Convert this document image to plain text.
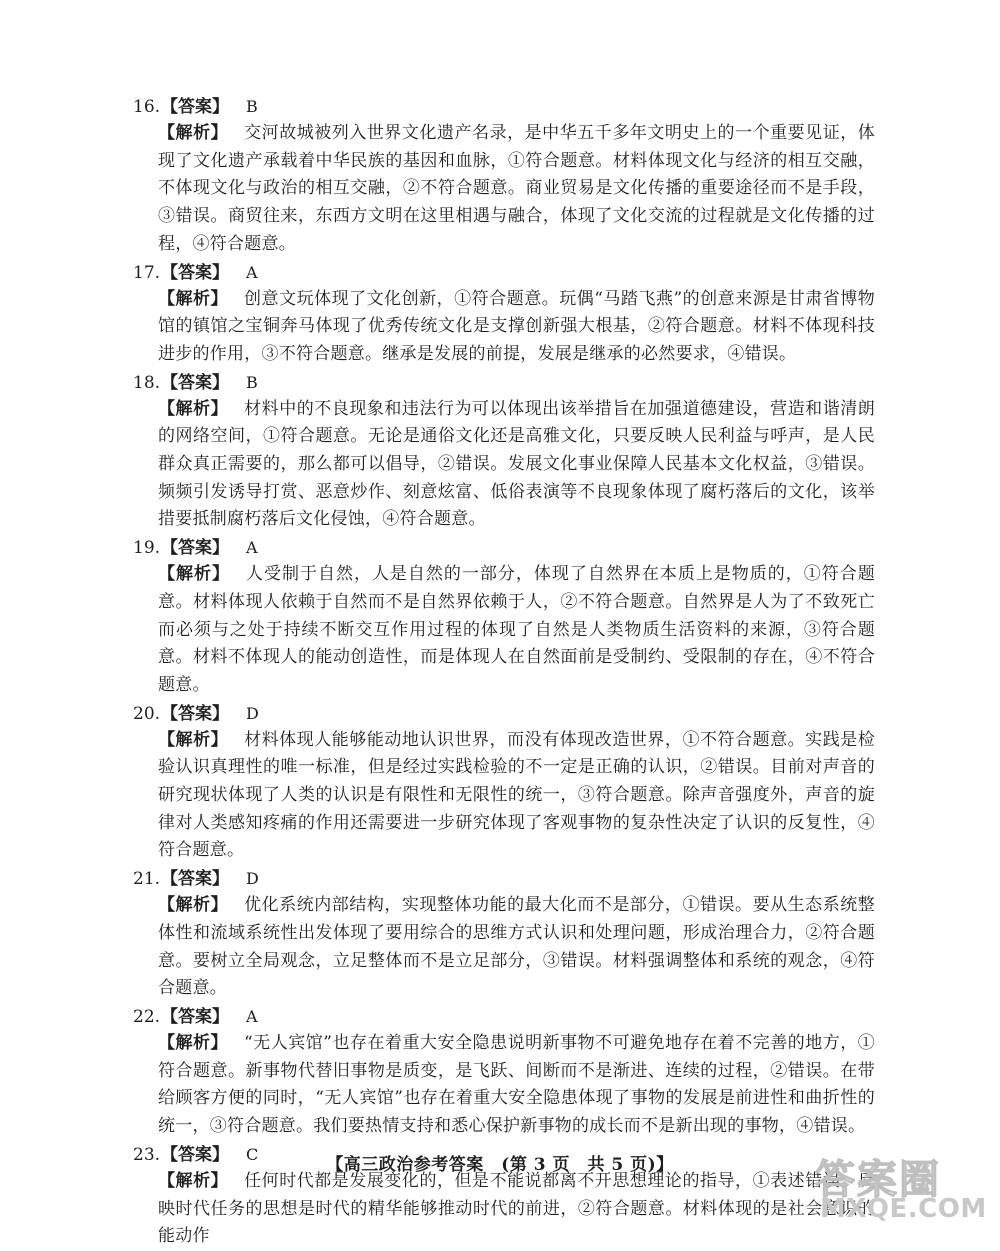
16.【答案】 B

【解析】 交河故城被列入世界文化遗产名录，是中华五千多年文明史上的一个重要见证，体现了文化遗产承载着中华民族的基因和血脉，①符合题意。材料体现文化与经济的相互交融，不体现文化与政治的相互交融，②不符合题意。商业贸易是文化传播的重要途径而不是手段，③错误。商贸往来，东西方文明在这里相遇与融合，体现了文化交流的过程就是文化传播的过程，④符合题意。

17.【答案】 A

【解析】 创意文玩体现了文化创新，①符合题意。玩偶“马踏飞燕”的创意来源是甘肃省博物馆的镇馆之宝铜奔马体现了优秀传统文化是支撑创新强大根基，②符合题意。材料不体现科技进步的作用，③不符合题意。继承是发展的前提，发展是继承的必然要求，④错误。

18.【答案】 B

【解析】 材料中的不良现象和违法行为可以体现出该举措旨在加强道德建设，营造和谐清朗的网络空间，①符合题意。无论是通俗文化还是高雅文化，只要反映人民利益与呼声，是人民群众真正需要的，那么都可以倡导，②错误。发展文化事业保障人民基本文化权益，③错误。频频引发诱导打赏、恶意炒作、刻意炫富、低俗表演等不良现象体现了腐朽落后的文化，该举措要抵制腐朽落后文化侵蚀，④符合题意。

19.【答案】 A

【解析】 人受制于自然，人是自然的一部分，体现了自然界在本质上是物质的，①符合题意。材料体现人依赖于自然而不是自然界依赖于人，②不符合题意。自然界是人为了不致死亡而必须与之处于持续不断交互作用过程的体现了自然是人类物质生活资料的来源，③符合题意。材料不体现人的能动创造性，而是体现人在自然面前是受制约、受限制的存在，④不符合题意。

20.【答案】 D

【解析】 材料体现人能够能动地认识世界，而没有体现改造世界，①不符合题意。实践是检验认识真理性的唯一标准，但是经过实践检验的不一定是正确的认识，②错误。目前对声音的研究现状体现了人类的认识是有限性和无限性的统一，③符合题意。除声音强度外，声音的旋律对人类感知疼痛的作用还需要进一步研究体现了客观事物的复杂性决定了认识的反复性，④符合题意。

21.【答案】 D

【解析】 优化系统内部结构，实现整体功能的最大化而不是部分，①错误。要从生态系统整体性和流域系统性出发体现了要用综合的思维方式认识和处理问题，形成治理合力，②符合题意。要树立全局观念，立足整体而不是立足部分，③错误。材料强调整体和系统的观念，④符合题意。

22.【答案】 A

【解析】 “无人宾馆”也存在着重大安全隐患说明新事物不可避免地存在着不完善的地方，①符合题意。新事物代替旧事物是质变，是飞跃、间断而不是渐进、连续的过程，②错误。在带给顾客方便的同时，“无人宾馆”也存在着重大安全隐患体现了事物的发展是前进性和曲折性的统一，③符合题意。我们要热情支持和悉心保护新事物的成长而不是新出现的事物，④错误。

23.【答案】 C

【解析】 任何时代都是发展变化的，但是不能说都离不开思想理论的指导，①表述错误。反映时代任务的思想是时代的精华能够推动时代的前进，②符合题意。材料体现的是社会意识的能动作

【高三政治参考答案　(第 3 页　共 5 页)】	答案圈
MXQE.COM
